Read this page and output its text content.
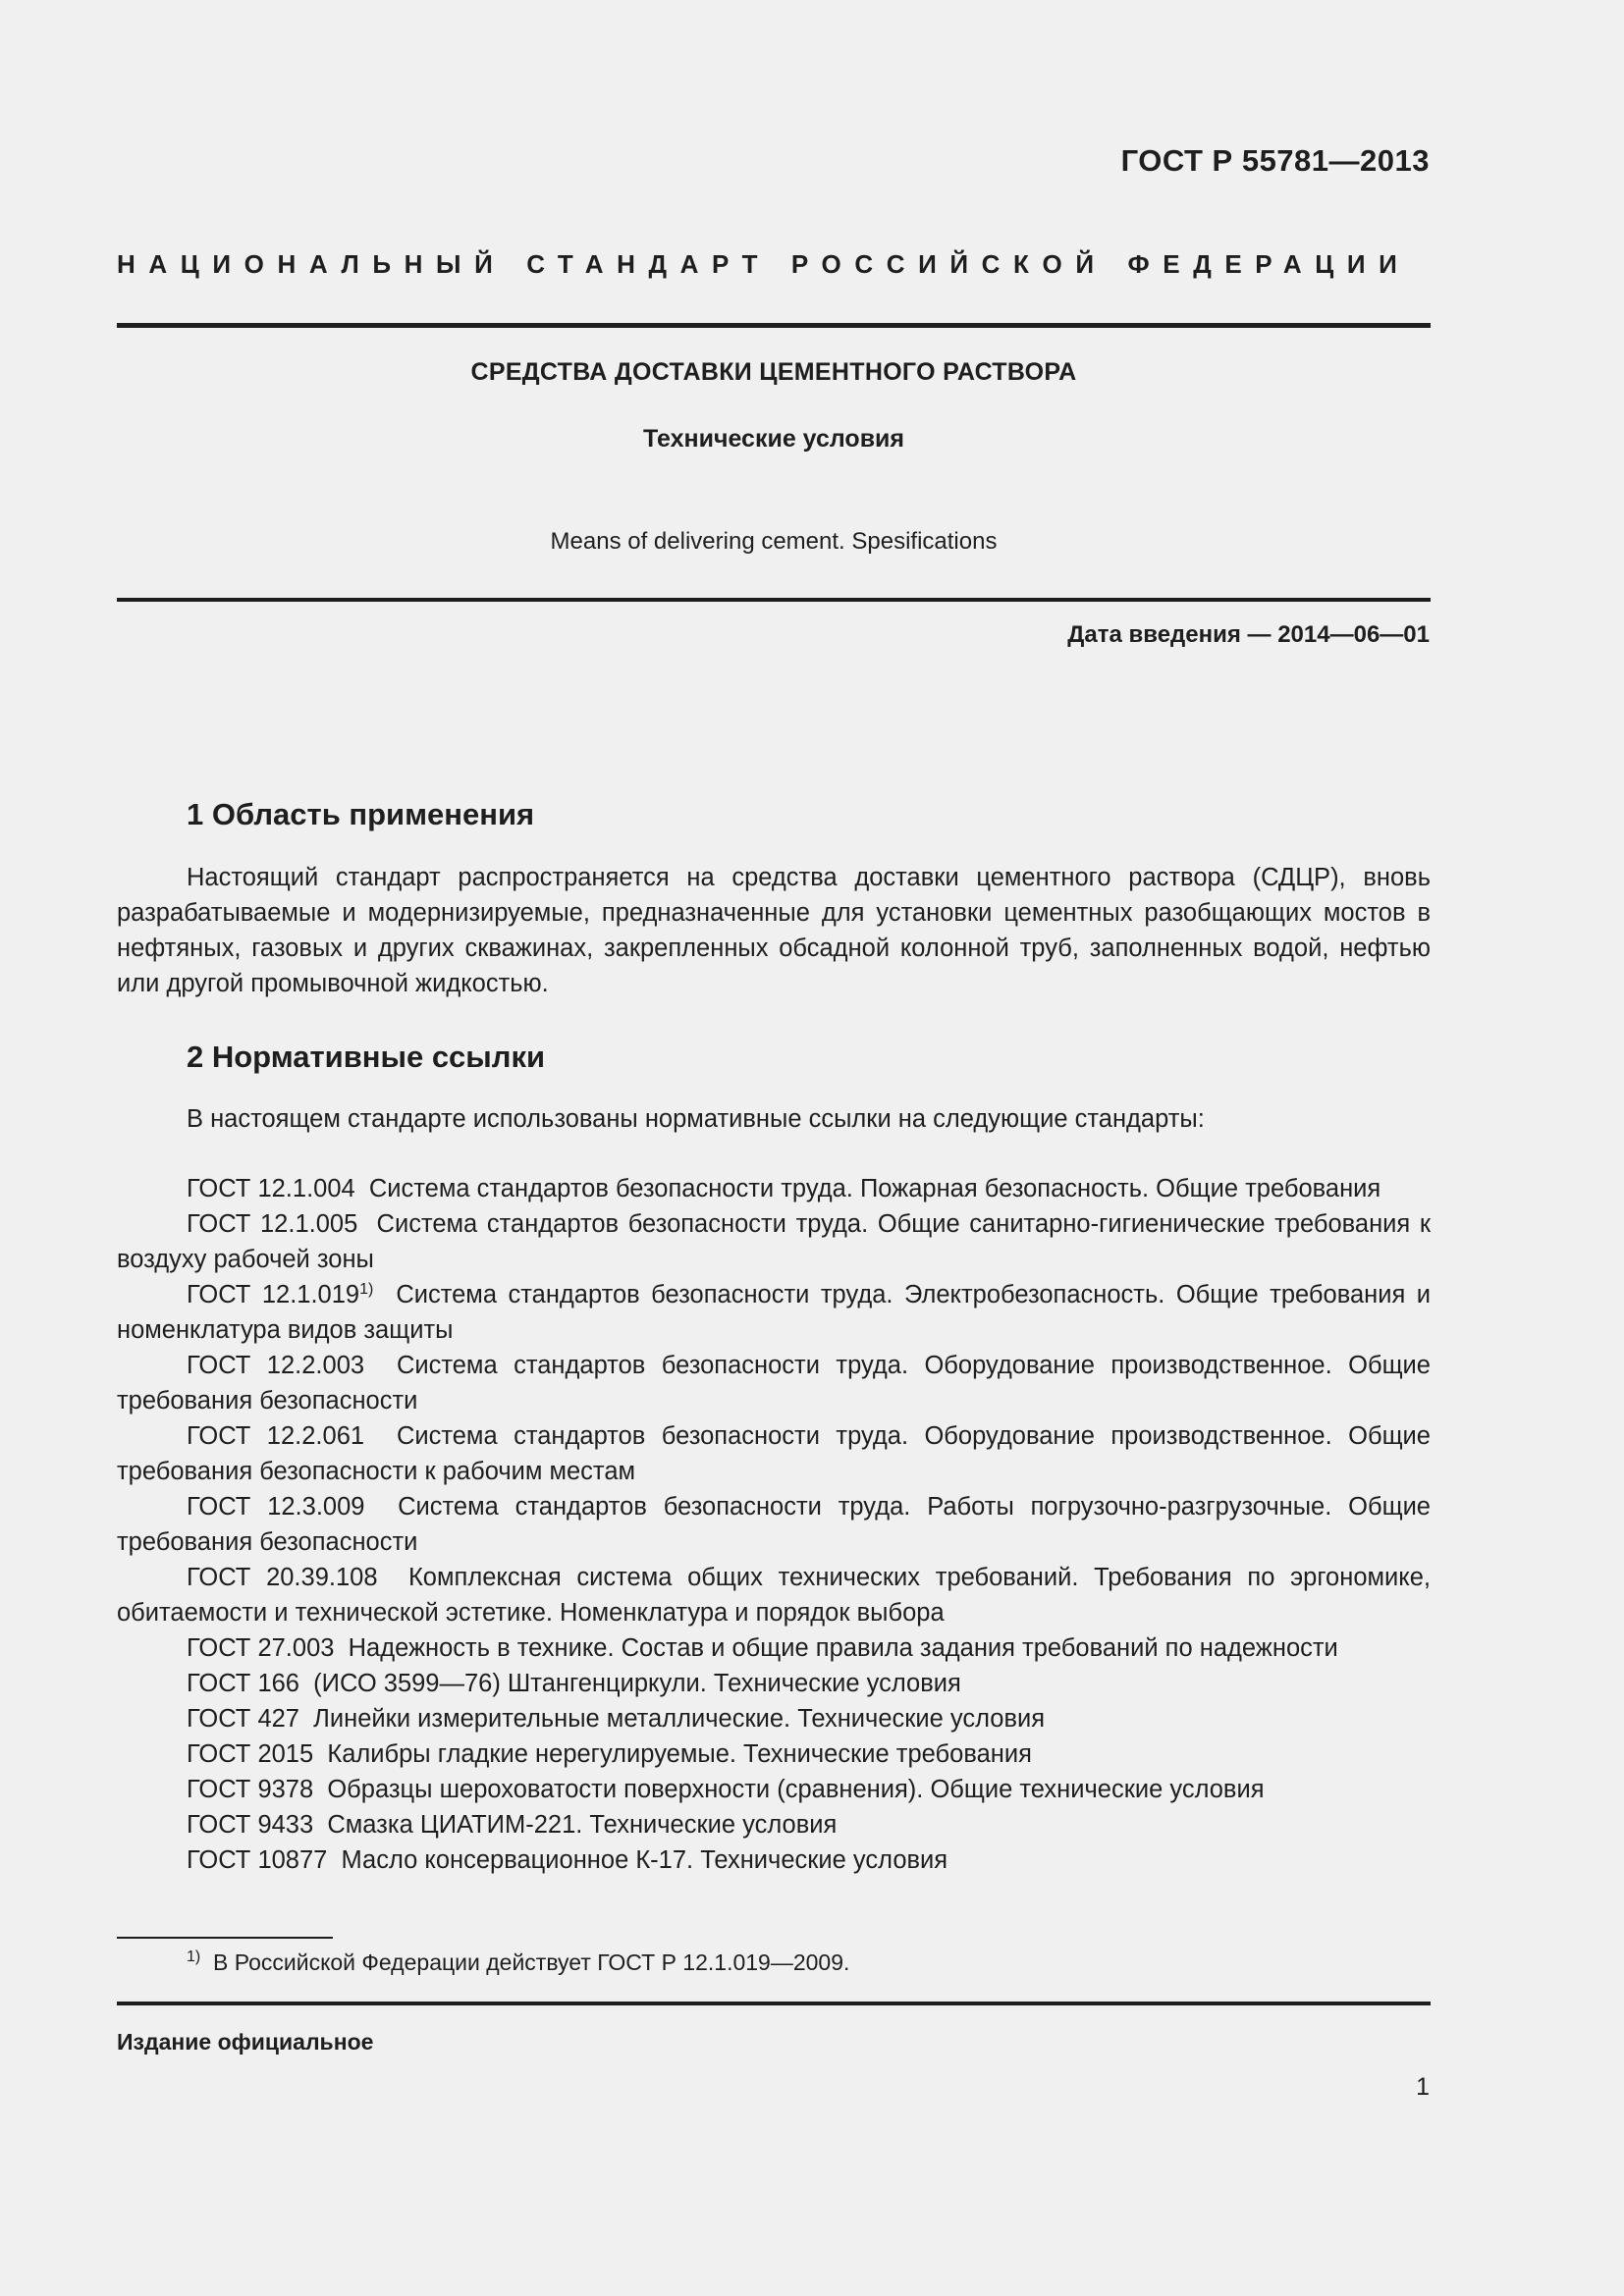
ГОСТ Р 55781—2013
НАЦИОНАЛЬНЫЙ СТАНДАРТ РОССИЙСКОЙ ФЕДЕРАЦИИ
СРЕДСТВА ДОСТАВКИ ЦЕМЕНТНОГО РАСТВОРА
Технические условия
Means of delivering cement. Spesifications
Дата введения — 2014—06—01
1 Область применения

Настоящий стандарт распространяется на средства доставки цементного раствора (СДЦР), вновь разрабатываемые и модернизируемые, предназначенные для установки цементных разобщающих мостов в нефтяных, газовых и других скважинах, закрепленных обсадной колонной труб, заполненных водой, нефтью или другой промывочной жидкостью.

2 Нормативные ссылки

В настоящем стандарте использованы нормативные ссылки на следующие стандарты:

ГОСТ 12.1.004 Система стандартов безопасности труда. Пожарная безопасность. Общие требования

ГОСТ 12.1.005 Система стандартов безопасности труда. Общие санитарно-гигиенические требования к воздуху рабочей зоны

ГОСТ 12.1.019$^{1)}$ Система стандартов безопасности труда. Электробезопасность. Общие требования и номенклатура видов защиты

ГОСТ 12.2.003 Система стандартов безопасности труда. Оборудование производственное. Общие требования безопасности

ГОСТ 12.2.061 Система стандартов безопасности труда. Оборудование производственное. Общие требования безопасности к рабочим местам

ГОСТ 12.3.009 Система стандартов безопасности труда. Работы погрузочно-разгрузочные. Общие требования безопасности

ГОСТ 20.39.108 Комплексная система общих технических требований. Требования по эргономике, обитаемости и технической эстетике. Номенклатура и порядок выбора

ГОСТ 27.003 Надежность в технике. Состав и общие правила задания требований по надежности

ГОСТ 166 (ИСО 3599—76) Штангенциркули. Технические условия

ГОСТ 427 Линейки измерительные металлические. Технические условия

ГОСТ 2015 Калибры гладкие нерегулируемые. Технические требования

ГОСТ 9378 Образцы шероховатости поверхности (сравнения). Общие технические условия

ГОСТ 9433 Смазка ЦИАТИМ-221. Технические условия

ГОСТ 10877 Масло консервационное К-17. Технические условия

$^{1)}$ В Российской Федерации действует ГОСТ Р 12.1.019—2009.
Издание официальное
1
